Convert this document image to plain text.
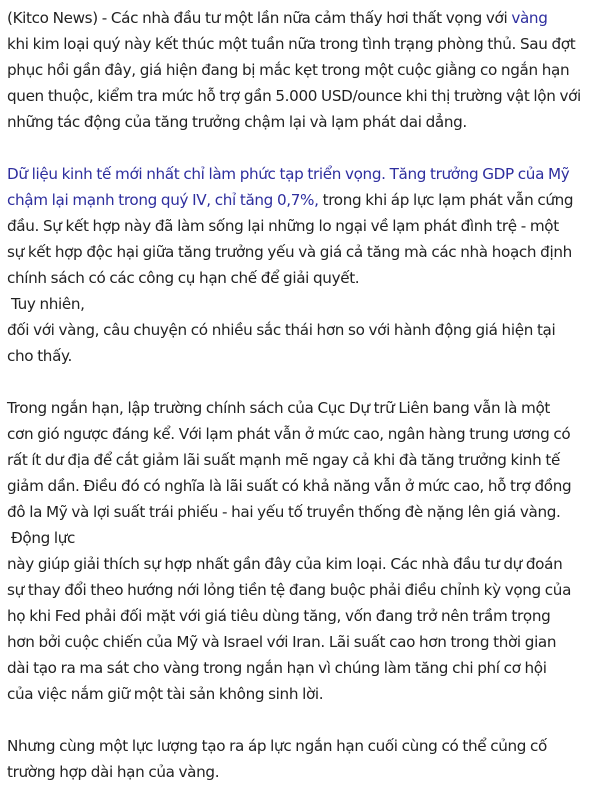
(Kitco News) - Các nhà đầu tư một lần nữa cảm thấy hơi thất vọng với vàng
khi kim loại quý này kết thúc một tuần nữa trong tình trạng phòng thủ. Sau đợt
phục hồi gần đây, giá hiện đang bị mắc kẹt trong một cuộc giằng co ngắn hạn
quen thuộc, kiểm tra mức hỗ trợ gần 5.000 USD/ounce khi thị trường vật lộn với
những tác động của tăng trưởng chậm lại và lạm phát dai dẳng.
Dữ liệu kinh tế mới nhất chỉ làm phức tạp triển vọng. Tăng trưởng GDP của Mỹ
chậm lại mạnh trong quý IV, chỉ tăng 0,7%, trong khi áp lực lạm phát vẫn cứng
đầu. Sự kết hợp này đã làm sống lại những lo ngại về lạm phát đình trệ - một
sự kết hợp độc hại giữa tăng trưởng yếu và giá cả tăng mà các nhà hoạch định
chính sách có các công cụ hạn chế để giải quyết.
Tuy nhiên,
đối với vàng, câu chuyện có nhiều sắc thái hơn so với hành động giá hiện tại
cho thấy.
Trong ngắn hạn, lập trường chính sách của Cục Dự trữ Liên bang vẫn là một
cơn gió ngược đáng kể. Với lạm phát vẫn ở mức cao, ngân hàng trung ương có
rất ít dư địa để cắt giảm lãi suất mạnh mẽ ngay cả khi đà tăng trưởng kinh tế
giảm dần. Điều đó có nghĩa là lãi suất có khả năng vẫn ở mức cao, hỗ trợ đồng
đô la Mỹ và lợi suất trái phiếu - hai yếu tố truyền thống đè nặng lên giá vàng.
Động lực
này giúp giải thích sự hợp nhất gần đây của kim loại. Các nhà đầu tư dự đoán
sự thay đổi theo hướng nới lỏng tiền tệ đang buộc phải điều chỉnh kỳ vọng của
họ khi Fed phải đối mặt với giá tiêu dùng tăng, vốn đang trở nên trầm trọng
hơn bởi cuộc chiến của Mỹ và Israel với Iran. Lãi suất cao hơn trong thời gian
dài tạo ra ma sát cho vàng trong ngắn hạn vì chúng làm tăng chi phí cơ hội
của việc nắm giữ một tài sản không sinh lời.
Nhưng cùng một lực lượng tạo ra áp lực ngắn hạn cuối cùng có thể củng cố
trường hợp dài hạn của vàng.
